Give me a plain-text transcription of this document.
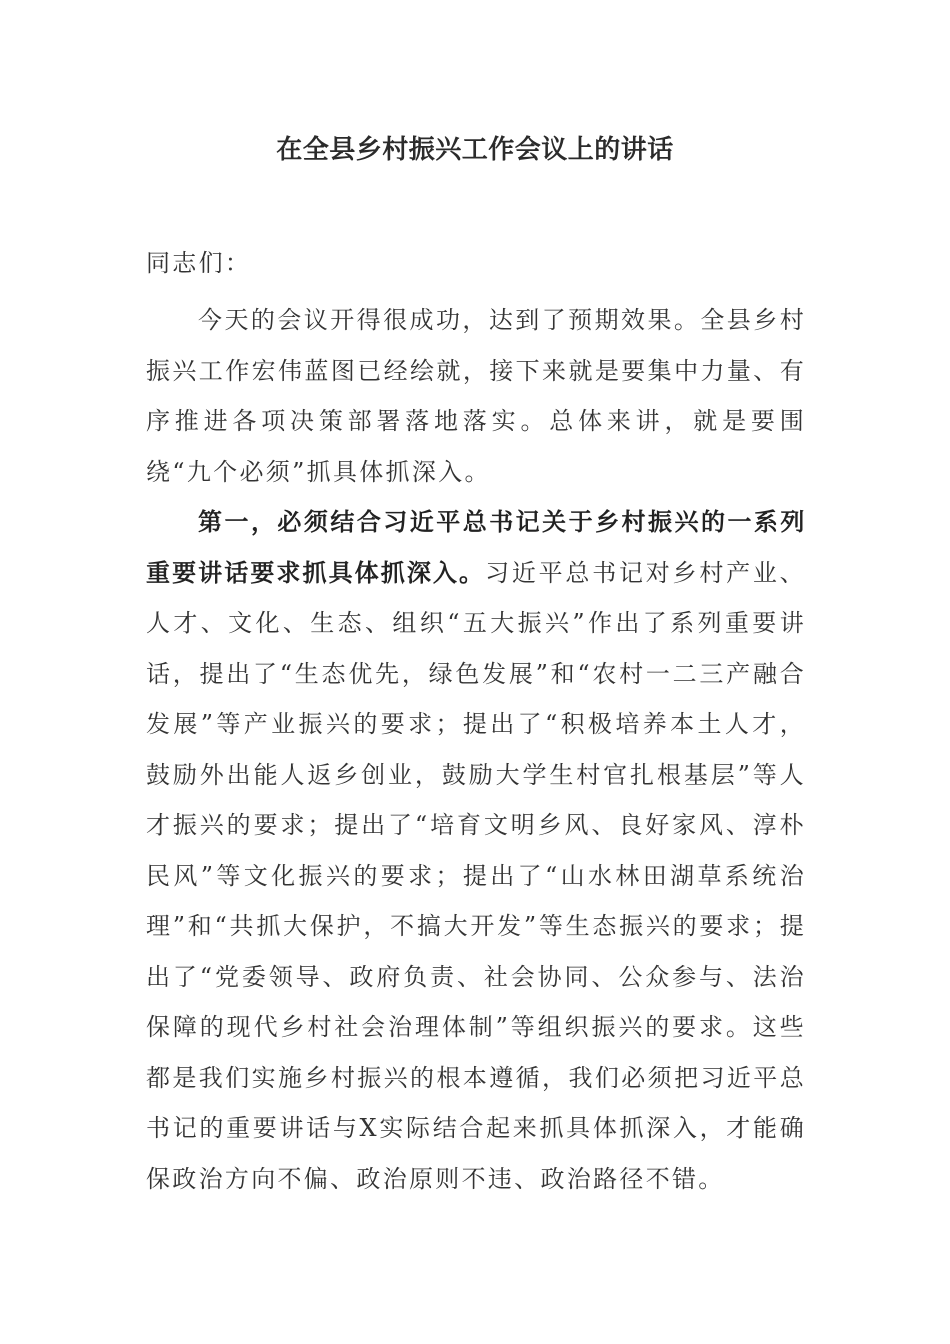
在全县乡村振兴工作会议上的讲话
同志们：
今天的会议开得很成功，达到了预期效果。全县乡村振兴工作宏伟蓝图已经绘就，接下来就是要集中力量、有序推进各项决策部署落地落实。总体来讲，就是要围绕“九个必须”抓具体抓深入。
第一，必须结合习近平总书记关于乡村振兴的一系列重要讲话要求抓具体抓深入。习近平总书记对乡村产业、人才、文化、生态、组织“五大振兴”作出了系列重要讲话，提出了“生态优先，绿色发展”和“农村一二三产融合发展”等产业振兴的要求；提出了“积极培养本土人才，鼓励外出能人返乡创业，鼓励大学生村官扎根基层”等人才振兴的要求；提出了“培育文明乡风、良好家风、淳朴民风”等文化振兴的要求；提出了“山水林田湖草系统治理”和“共抓大保护，不搞大开发”等生态振兴的要求；提出了“党委领导、政府负责、社会协同、公众参与、法治保障的现代乡村社会治理体制”等组织振兴的要求。这些都是我们实施乡村振兴的根本遵循，我们必须把习近平总书记的重要讲话与X实际结合起来抓具体抓深入，才能确保政治方向不偏、政治原则不违、政治路径不错。
